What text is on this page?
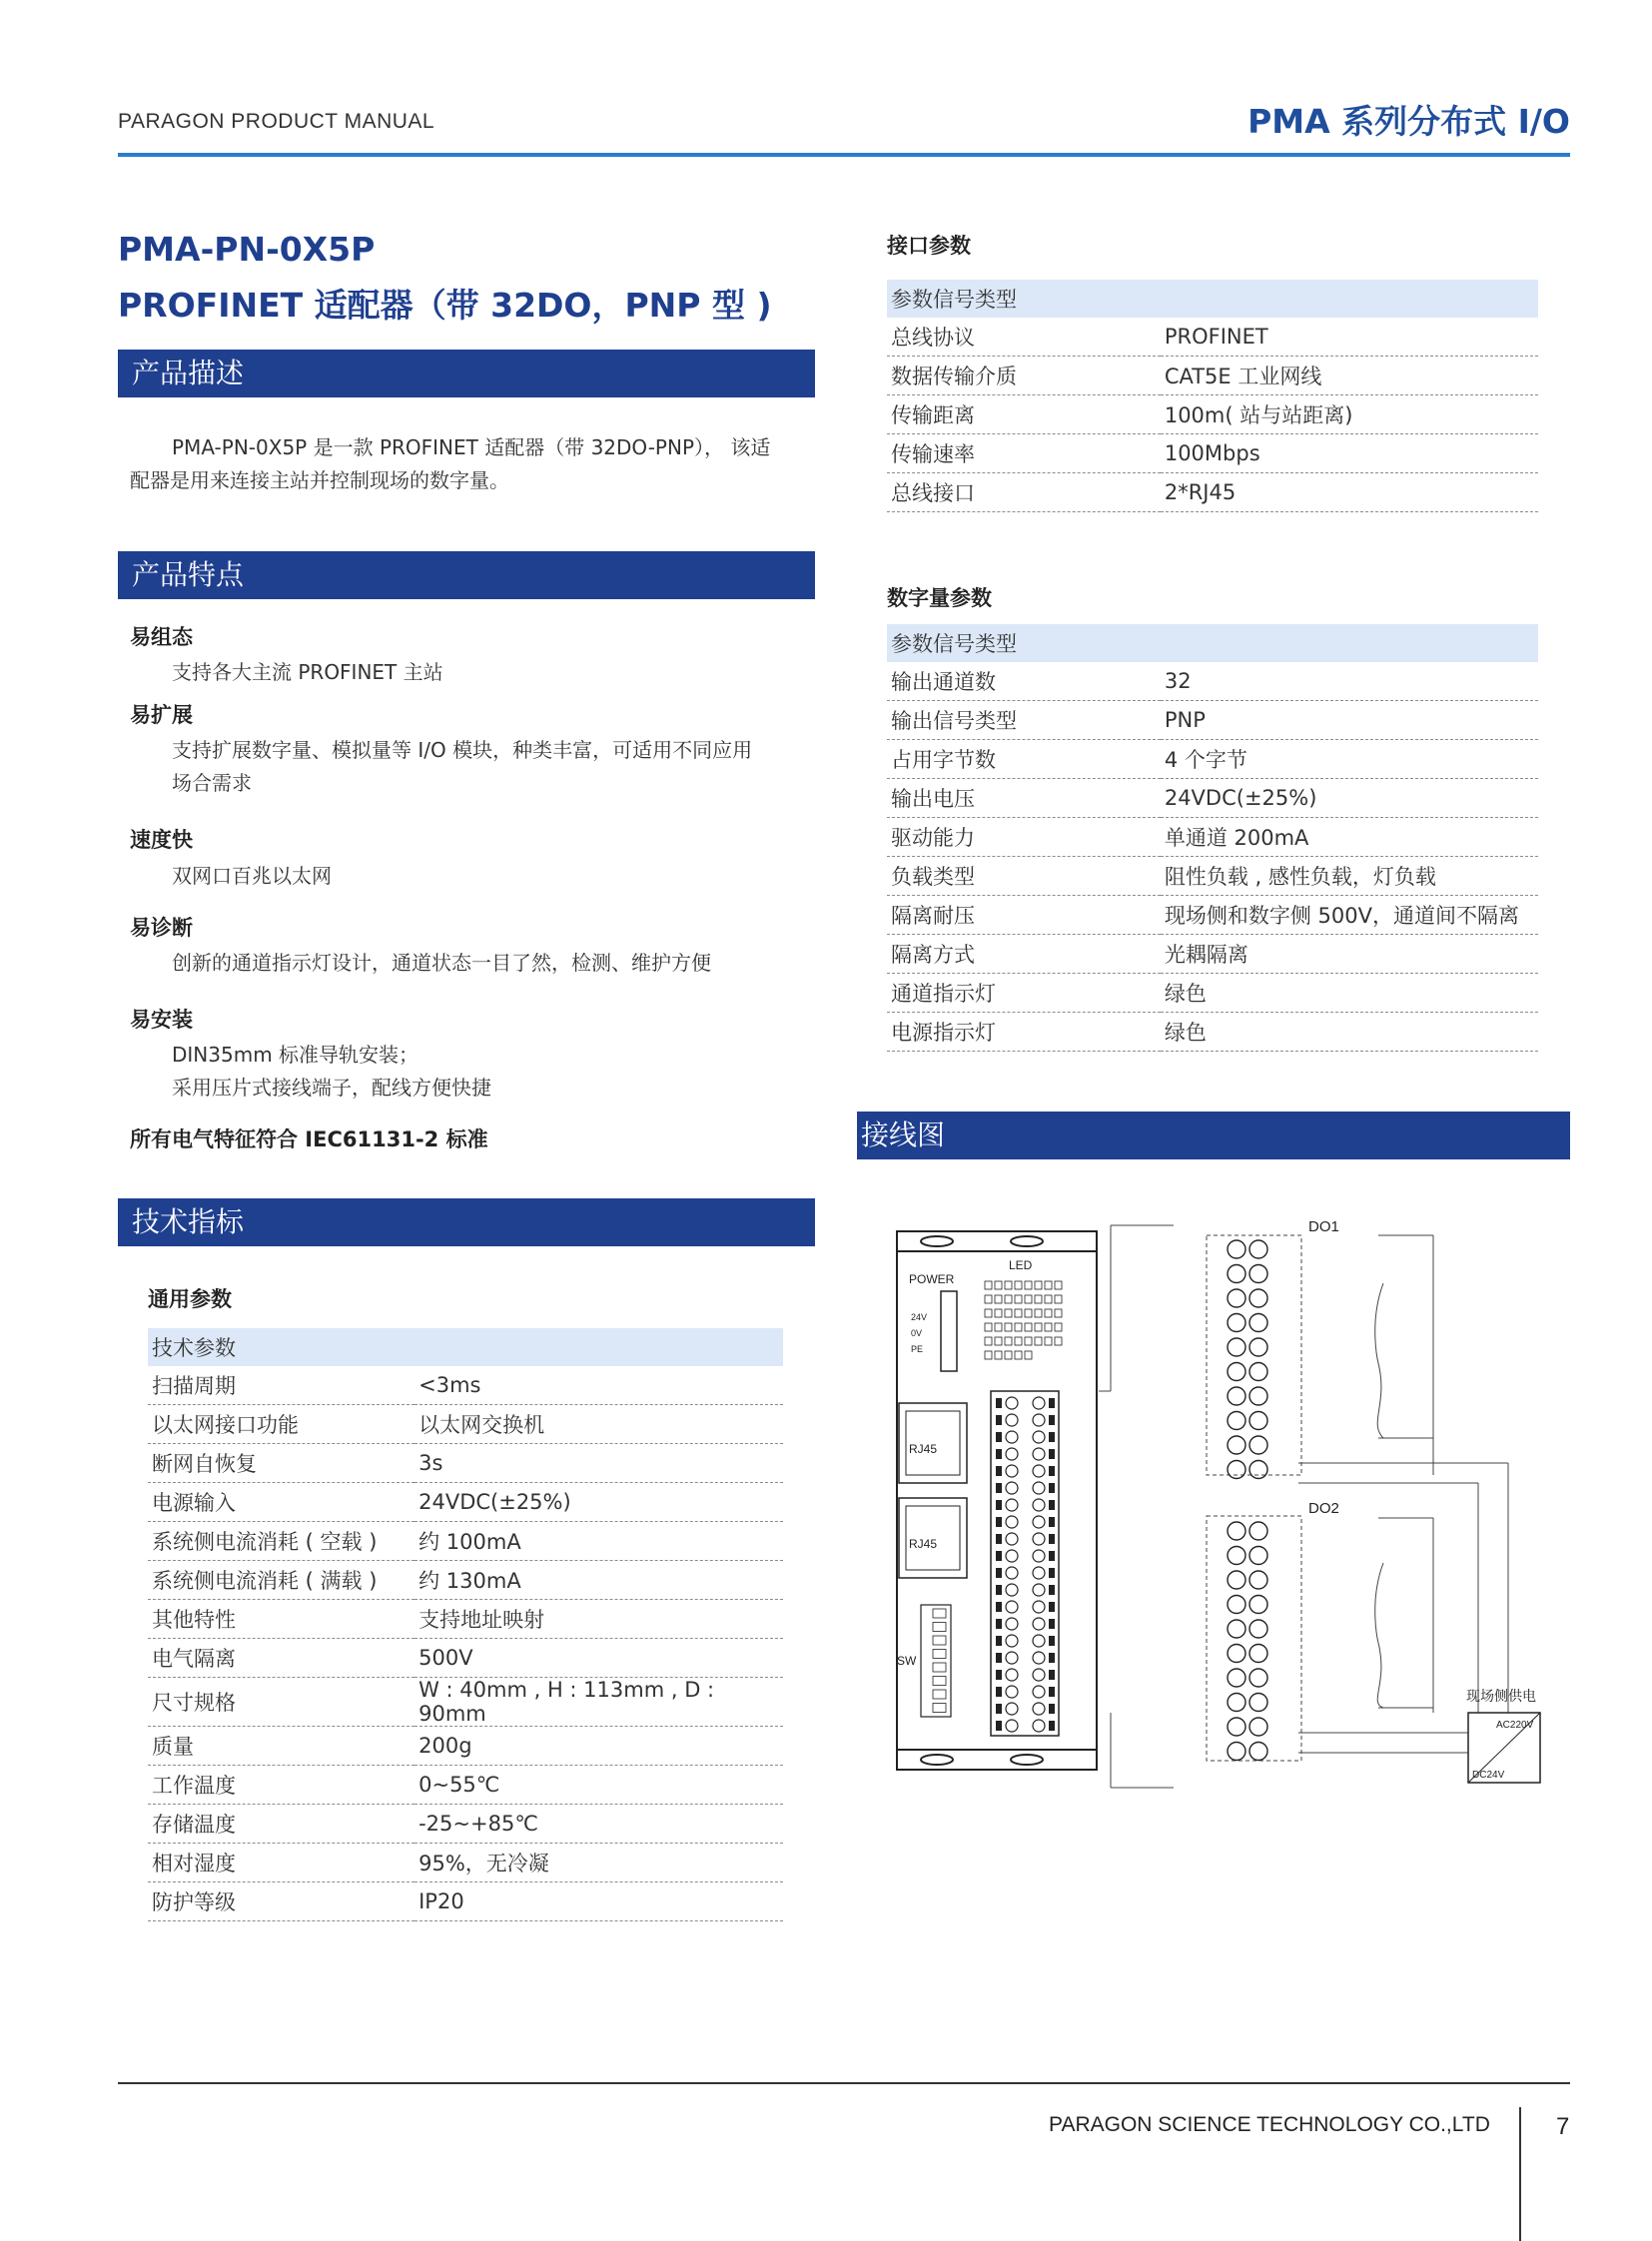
PARAGON PRODUCT MANUAL	PMA 系列分布式 I/O
PMA-PN-0X5P
PROFINET 适配器（带 32DO，PNP 型 )
产品描述
PMA-PN-0X5P 是一款 PROFINET 适配器（带 32DO-PNP）， 该适
配器是用来连接主站并控制现场的数字量。
产品特点
易组态
支持各大主流 PROFINET 主站
易扩展
支持扩展数字量、模拟量等 I/O 模块，种类丰富，可适用不同应用
场合需求
速度快
双网口百兆以太网
易诊断
创新的通道指示灯设计，通道状态一目了然，检测、维护方便
易安装
DIN35mm 标准导轨安装；
采用压片式接线端子，配线方便快捷
所有电气特征符合 IEC61131-2 标准
技术指标
通用参数
技术参数	
扫描周期	<3ms
以太网接口功能	以太网交换机
断网自恢复	3s
电源输入	24VDC(±25%)
系统侧电流消耗 ( 空载 )	约 100mA
系统侧电流消耗 ( 满载 )	约 130mA
其他特性	支持地址映射
电气隔离	500V
尺寸规格	W : 40mm , H : 113mm , D : 90mm
质量	200g
工作温度	0~55℃
存储温度	-25~+85℃
相对湿度	95%，无冷凝
防护等级	IP20
接口参数
参数信号类型	
总线协议	PROFINET
数据传输介质	CAT5E 工业网线
传输距离	100m( 站与站距离)
传输速率	100Mbps
总线接口	2*RJ45
数字量参数
参数信号类型	
输出通道数	32
输出信号类型	PNP
占用字节数	4 个字节
输出电压	24VDC(±25%)
驱动能力	单通道 200mA
负载类型	阻性负载 , 感性负载，灯负载
隔离耐压	现场侧和数字侧 500V，通道间不隔离
隔离方式	光耦隔离
通道指示灯	绿色
电源指示灯	绿色
接线图
LED
POWER
24V
0V
PE
RJ45
RJ45
SW
DO1
DO2
现场侧供电
AC220V
DC24V
PARAGON SCIENCE TECHNOLOGY CO.,LTD	7
